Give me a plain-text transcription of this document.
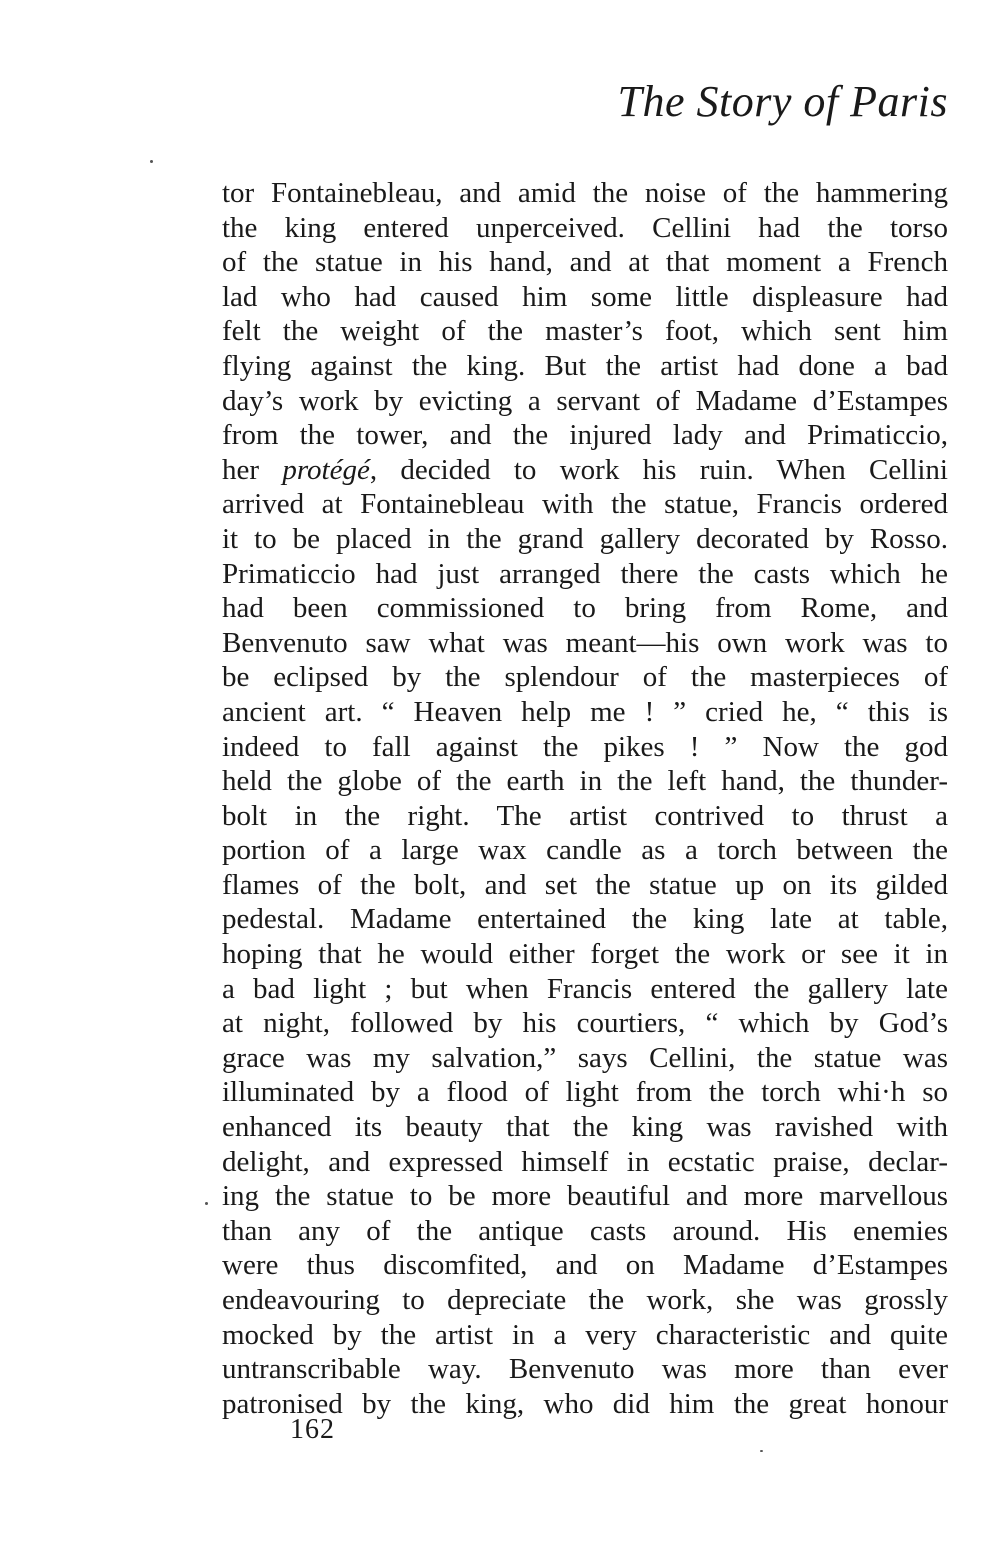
The Story of Paris
tor Fontainebleau, and amid the noise of the hammering
the king entered unperceived. Cellini had the torso
of the statue in his hand, and at that moment a French
lad who had caused him some little displeasure had
felt the weight of the master’s foot, which sent him
flying against the king. But the artist had done a bad
day’s work by evicting a servant of Madame d’Estampes
from the tower, and the injured lady and Primaticcio,
her protégé, decided to work his ruin. When Cellini
arrived at Fontainebleau with the statue, Francis ordered
it to be placed in the grand gallery decorated by Rosso.
Primaticcio had just arranged there the casts which he
had been commissioned to bring from Rome, and
Benvenuto saw what was meant—his own work was to
be eclipsed by the splendour of the masterpieces of
ancient art. “ Heaven help me ! ” cried he, “ this is
indeed to fall against the pikes ! ” Now the god
held the globe of the earth in the left hand, the thunder-
bolt in the right. The artist contrived to thrust a
portion of a large wax candle as a torch between the
flames of the bolt, and set the statue up on its gilded
pedestal. Madame entertained the king late at table,
hoping that he would either forget the work or see it in
a bad light ; but when Francis entered the gallery late
at night, followed by his courtiers, “ which by God’s
grace was my salvation,” says Cellini, the statue was
illuminated by a flood of light from the torch whi·h so
enhanced its beauty that the king was ravished with
delight, and expressed himself in ecstatic praise, declar-
ing the statue to be more beautiful and more marvellous
than any of the antique casts around. His enemies
were thus discomfited, and on Madame d’Estampes
endeavouring to depreciate the work, she was grossly
mocked by the artist in a very characteristic and quite
untranscribable way. Benvenuto was more than ever
patronised by the king, who did him the great honour
162
